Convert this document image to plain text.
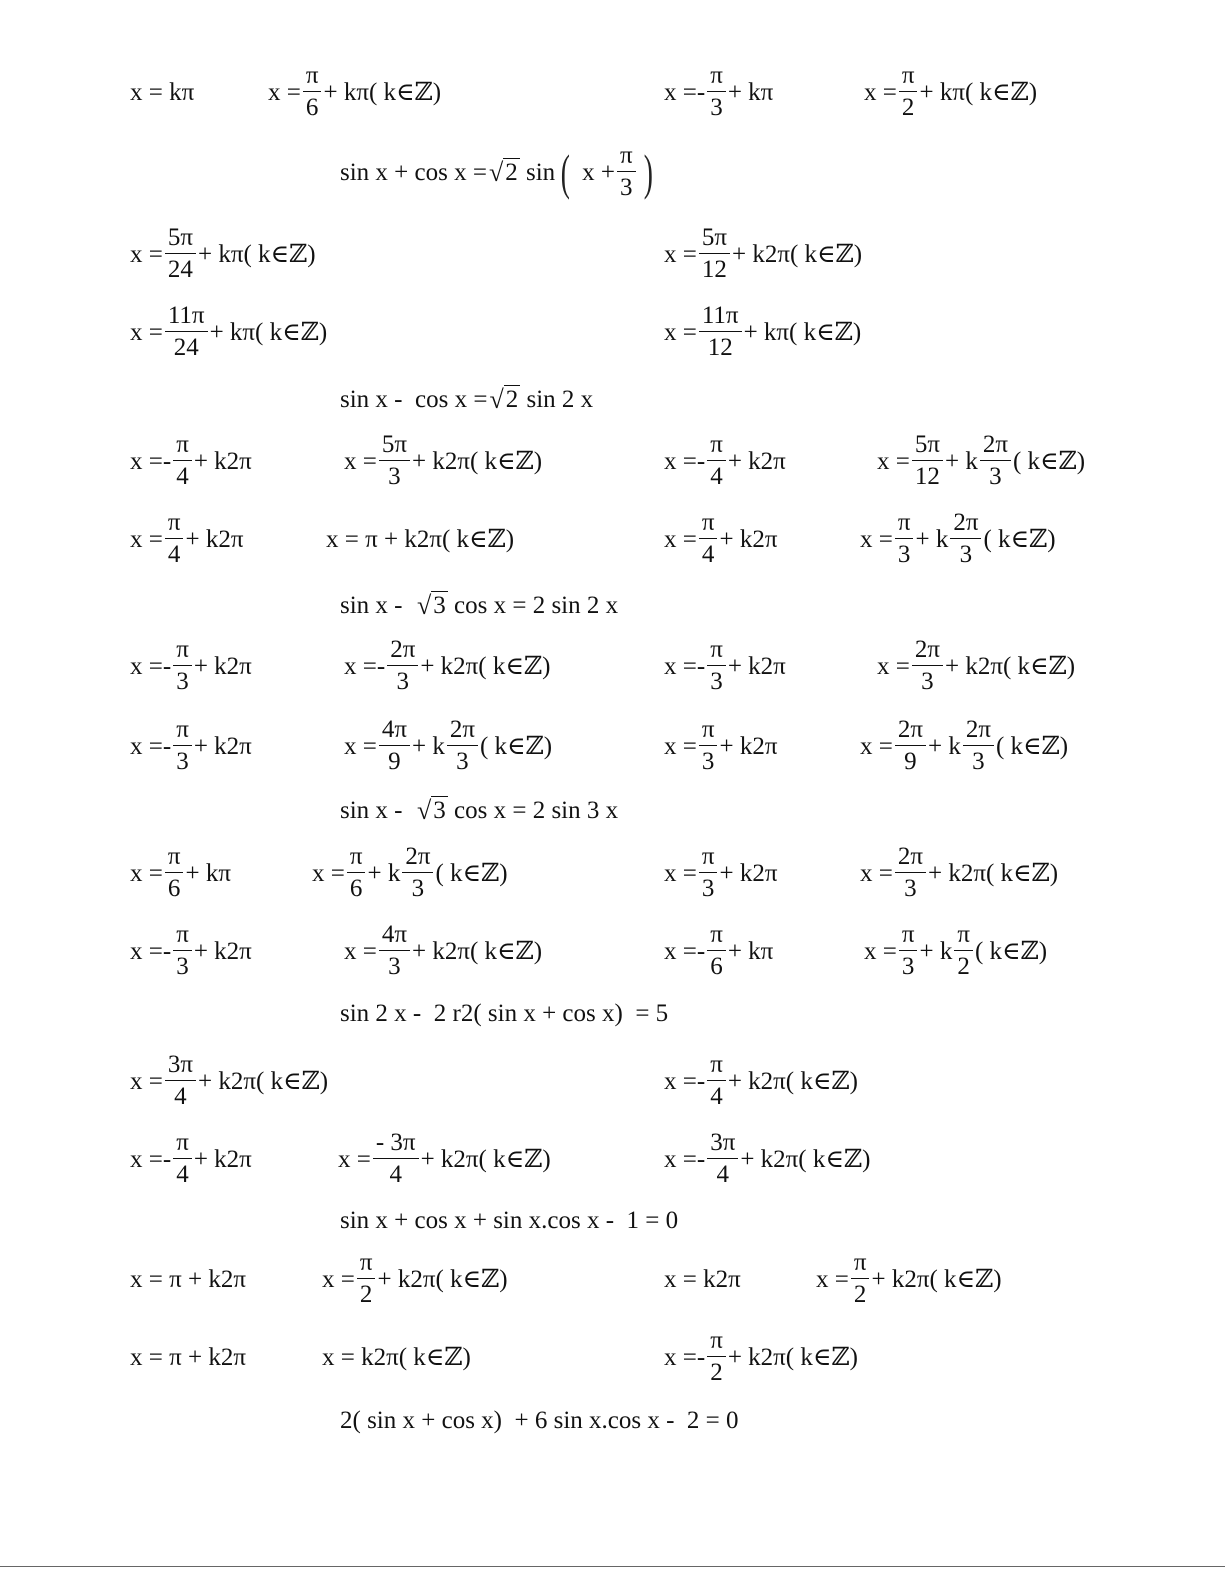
x = kπ	$x = \frac{\pi}{6} + k\pi$( k∈ℤ)	$x =- \frac{\pi}{3} + k\pi$	$x = \frac{\pi}{2} + k\pi$( k∈ℤ)
$x = \frac{5\pi}{24} + k\pi$( k∈ℤ)	$x = \frac{5\pi}{12} + k2\pi$( k∈ℤ)
$x = \frac{11\pi}{24} + k\pi$( k∈ℤ)	$x = \frac{11\pi}{12} + k\pi$( k∈ℤ)
$x =- \frac{\pi}{4} + k2\pi$	$x = \frac{5\pi}{3} + k2\pi$( k∈ℤ)	$x =- \frac{\pi}{4} + k2\pi$	$x = \frac{5\pi}{12} + k \frac{2\pi}{3}$ ( k∈ℤ)
$x = \frac{\pi}{4} + k2\pi$	x = π + k2π( k∈ℤ)	$x = \frac{\pi}{4} + k2\pi$	$x = \frac{\pi}{3} + k \frac{2\pi}{3}$ ( k∈ℤ)
$x =- \frac{\pi}{3} + k2\pi$	$x =- \frac{2\pi}{3} + k2\pi$( k∈ℤ)	$x =- \frac{\pi}{3} + k2\pi$	$x = \frac{2\pi}{3} + k2\pi$( k∈ℤ)
$x =- \frac{\pi}{3} + k2\pi$	$x = \frac{4\pi}{9} + k \frac{2\pi}{3}$ ( k∈ℤ)	$x = \frac{\pi}{3} + k2\pi$	$x = \frac{2\pi}{9} + k \frac{2\pi}{3}$ ( k∈ℤ)
$x = \frac{\pi}{6} + k\pi$	$x = \frac{\pi}{6} + k \frac{2\pi}{3}$ ( k∈ℤ)	$x = \frac{\pi}{3} + k2\pi$	$x = \frac{2\pi}{3} + k2\pi$( k∈ℤ)
$x =- \frac{\pi}{3} + k2\pi$	$x = \frac{4\pi}{3} + k2\pi$( k∈ℤ)	$x =- \frac{\pi}{6} + k\pi$	$x = \frac{\pi}{3} + k \frac{\pi}{2}$ ( k∈ℤ)
$x = \frac{3\pi}{4} + k2\pi$( k∈ℤ)	$x =- \frac{\pi}{4} + k2\pi$( k∈ℤ)
$x =- \frac{\pi}{4} + k2\pi$	$x = \frac{- 3\pi}{4} + k2\pi$( k∈ℤ)	$x =- \frac{3\pi}{4} + k2\pi$( k∈ℤ)
x = π + k2π	$x = \frac{\pi}{2} + k2\pi$( k∈ℤ)	x = k2π	$x = \frac{\pi}{2} + k2\pi$( k∈ℤ)
x = π + k2π	x = k2π( k∈ℤ)	$x =- \frac{\pi}{2} + k2\pi$( k∈ℤ)
sin x + cos x = √ 2 sin ( $x + \frac{\pi}{3}$ )
sin x -  cos x = √ 2 sin 2 x
sin x - √ 3 cos x = 2 sin 2 x
sin x - √ 3 cos x = 2 sin 3 x
sin 2 x -  2 r2( sin x + cos x)  = 5
sin x + cos x + sin x.cos x -  1 = 0
2( sin x + cos x)  + 6 sin x.cos x -  2 = 0
